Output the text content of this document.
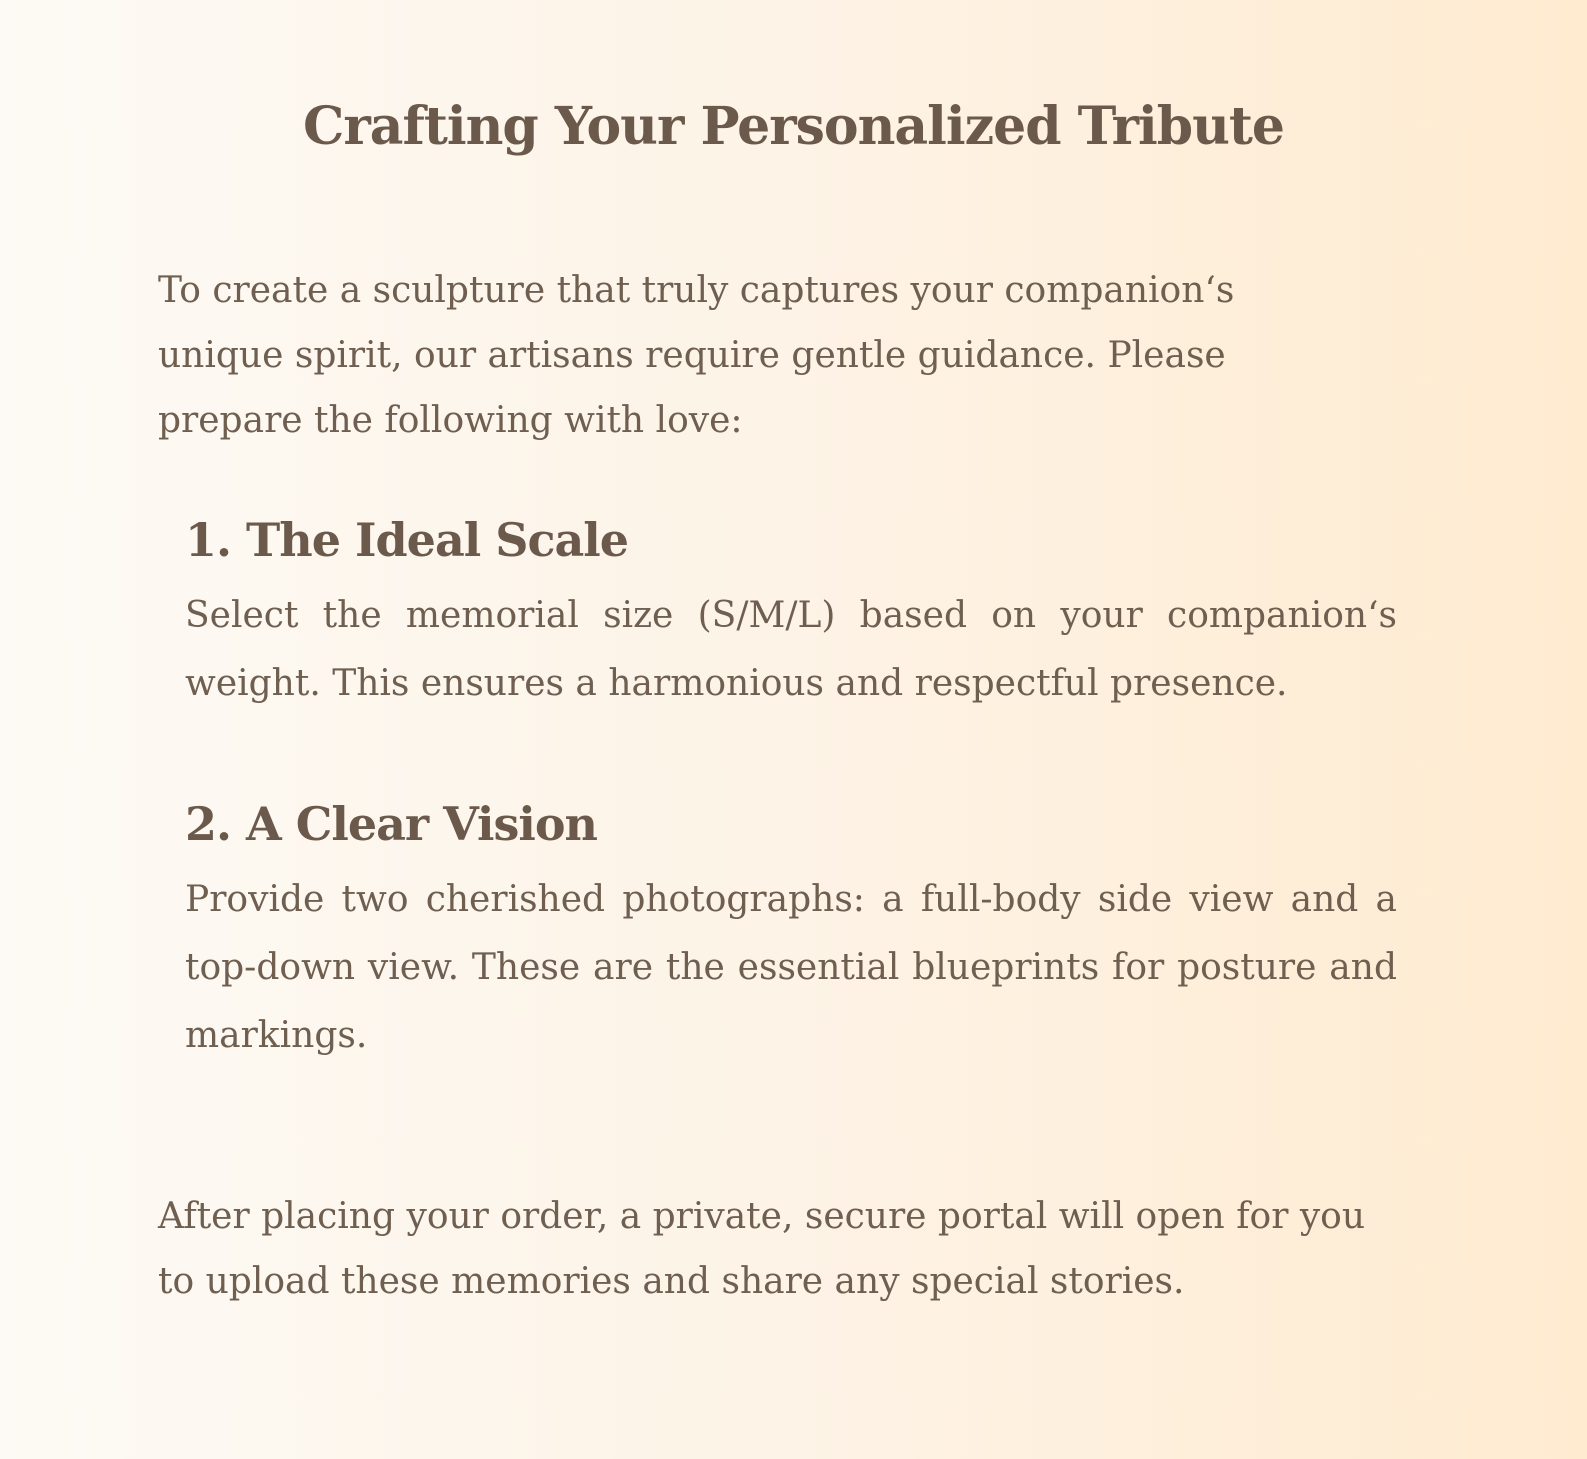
Crafting Your Personalized Tribute

To create a sculpture that truly captures your companion‘s unique spirit, our artisans require gentle guidance. Please prepare the following with love:

1. The Ideal Scale

Select the memorial size (S/M/L) based on your companion‘s weight. This ensures a harmonious and respectful presence.

2. A Clear Vision

Provide two cherished photographs: a full-body side view and a top-down view. These are the essential blueprints for posture and markings.

After placing your order, a private, secure portal will open for you to upload these memories and share any special stories.
